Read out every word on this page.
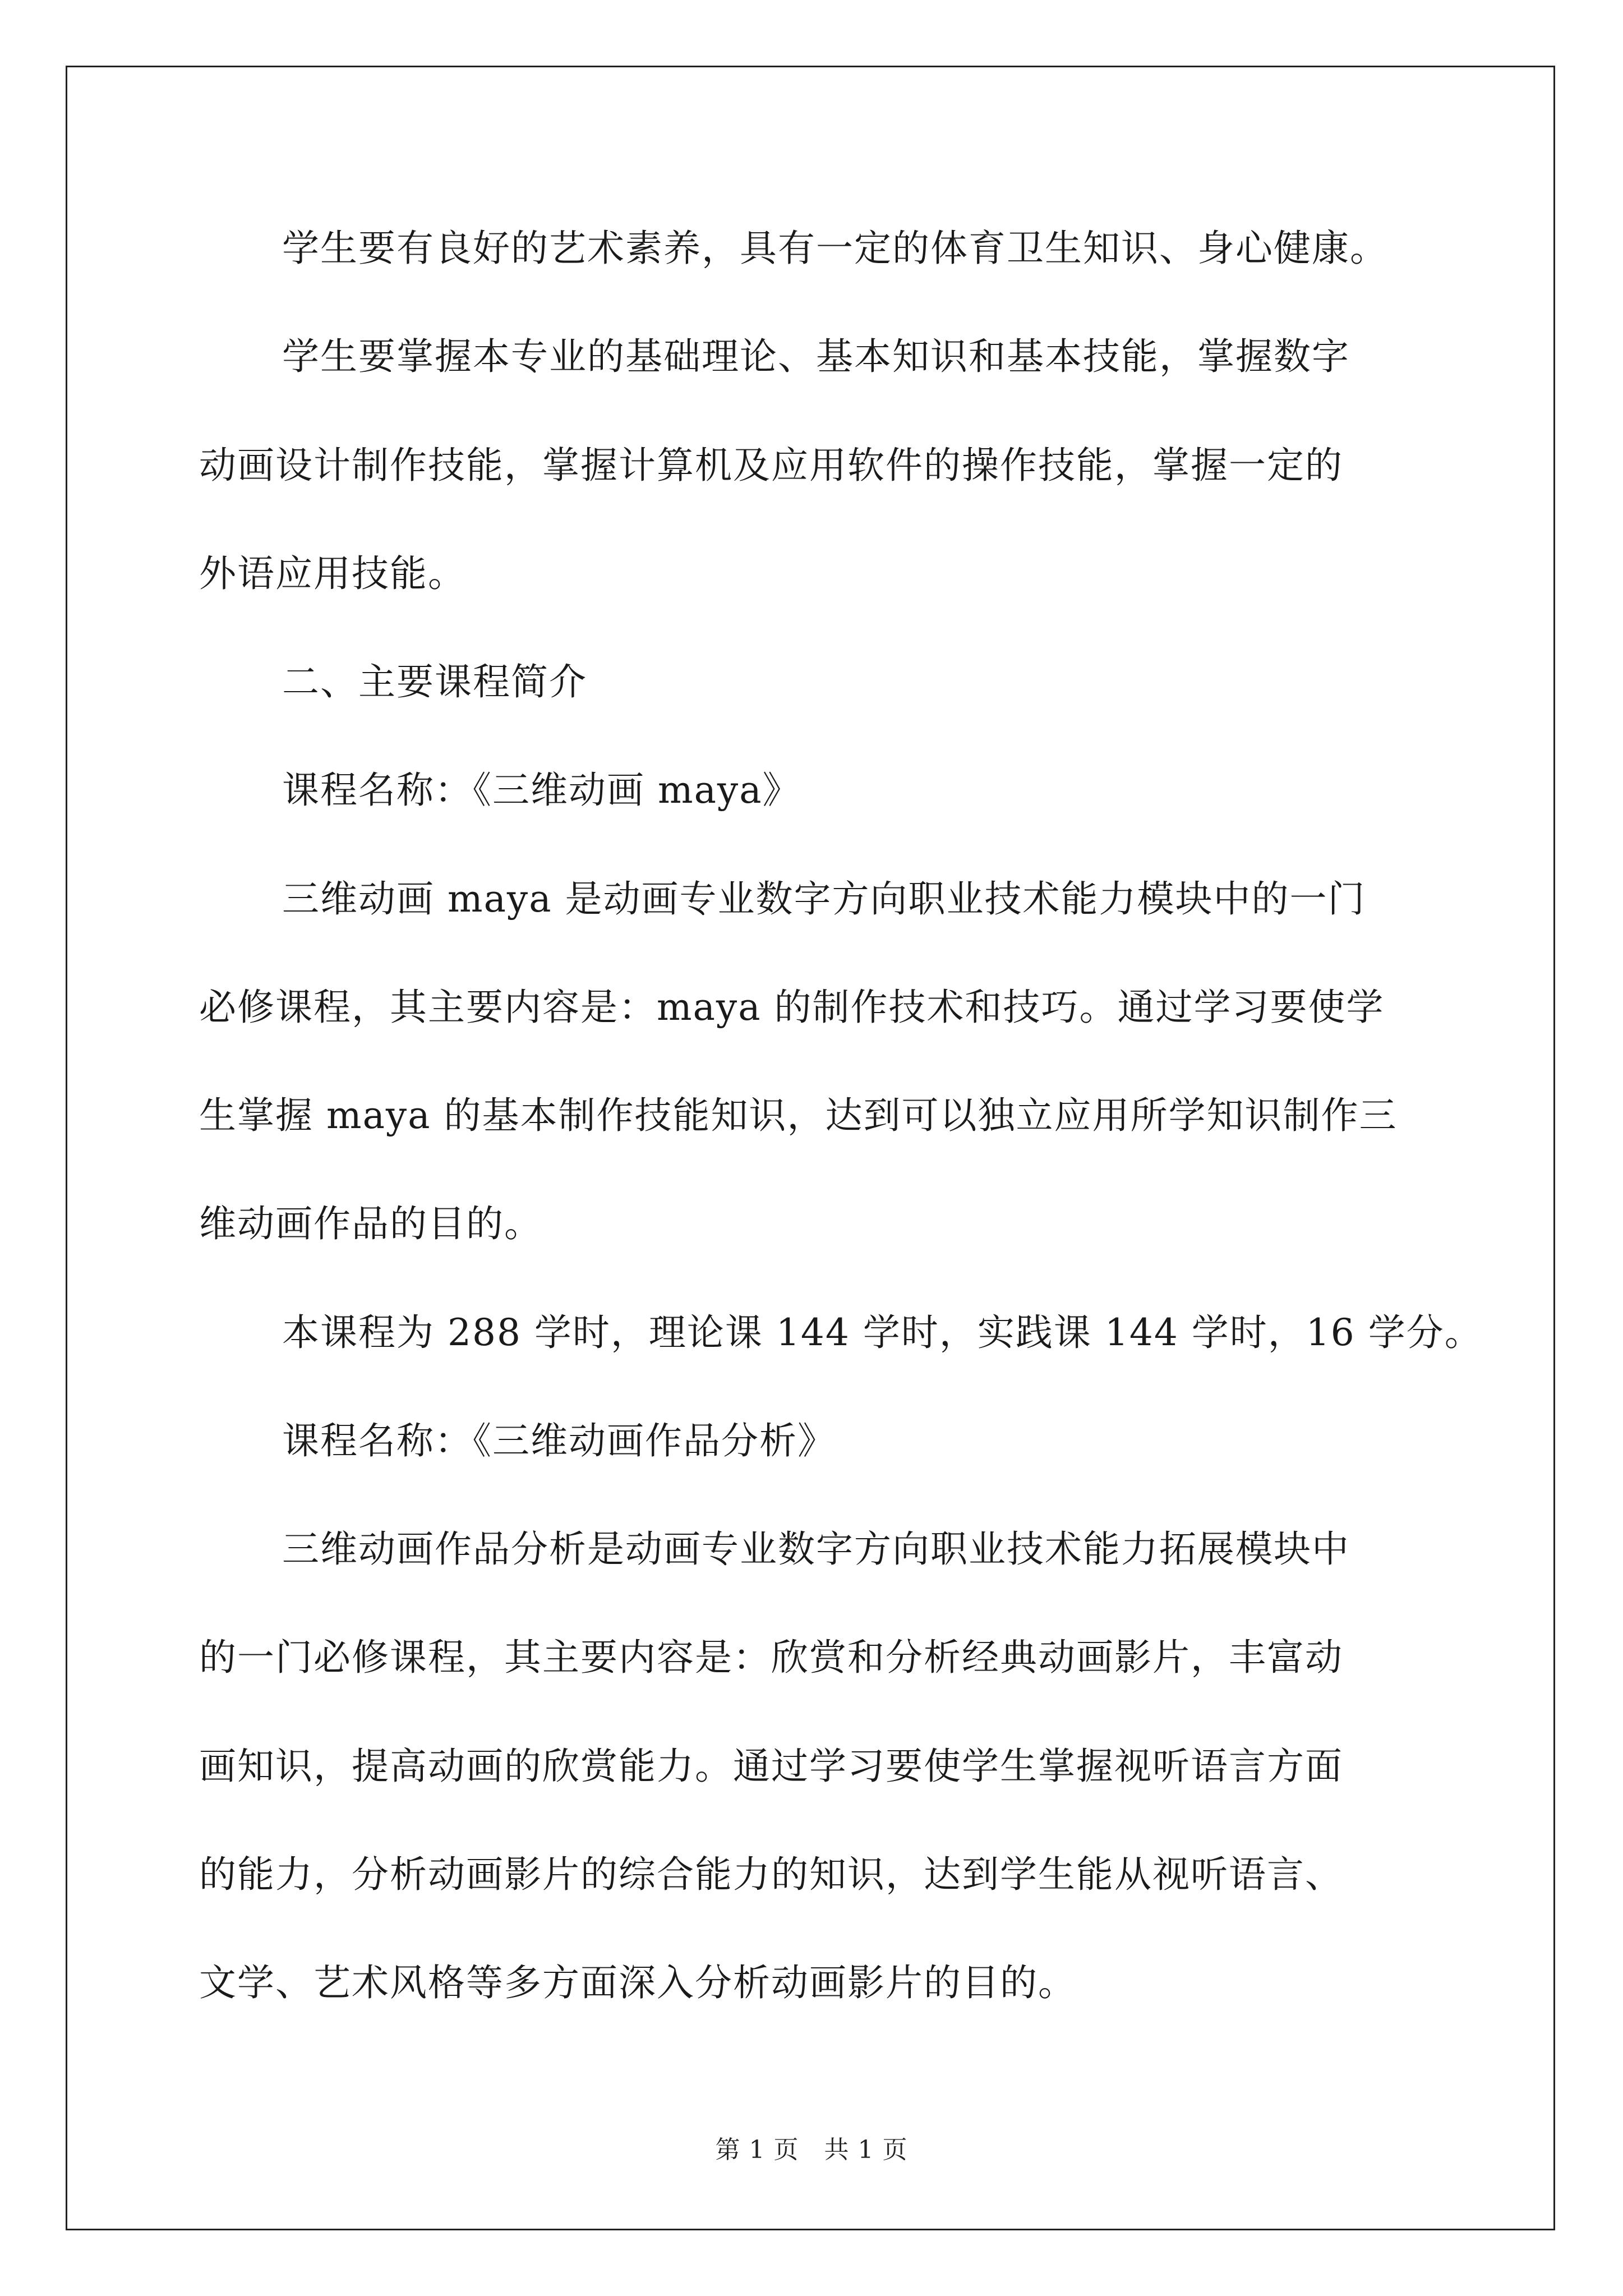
学生要有良好的艺术素养，具有一定的体育卫生知识、身心健康。
学生要掌握本专业的基础理论、基本知识和基本技能，掌握数字
动画设计制作技能，掌握计算机及应用软件的操作技能，掌握一定的
外语应用技能。
二、主要课程简介
课程名称：《三维动画 maya》
三维动画 maya 是动画专业数字方向职业技术能力模块中的一门
必修课程，其主要内容是：maya 的制作技术和技巧。通过学习要使学
生掌握 maya 的基本制作技能知识，达到可以独立应用所学知识制作三
维动画作品的目的。
本课程为 288 学时，理论课 144 学时，实践课 144 学时，16 学分。
课程名称：《三维动画作品分析》
三维动画作品分析是动画专业数字方向职业技术能力拓展模块中
的一门必修课程，其主要内容是：欣赏和分析经典动画影片，丰富动
画知识，提高动画的欣赏能力。通过学习要使学生掌握视听语言方面
的能力，分析动画影片的综合能力的知识，达到学生能从视听语言、
文学、艺术风格等多方面深入分析动画影片的目的。
第 1 页　共 1 页
